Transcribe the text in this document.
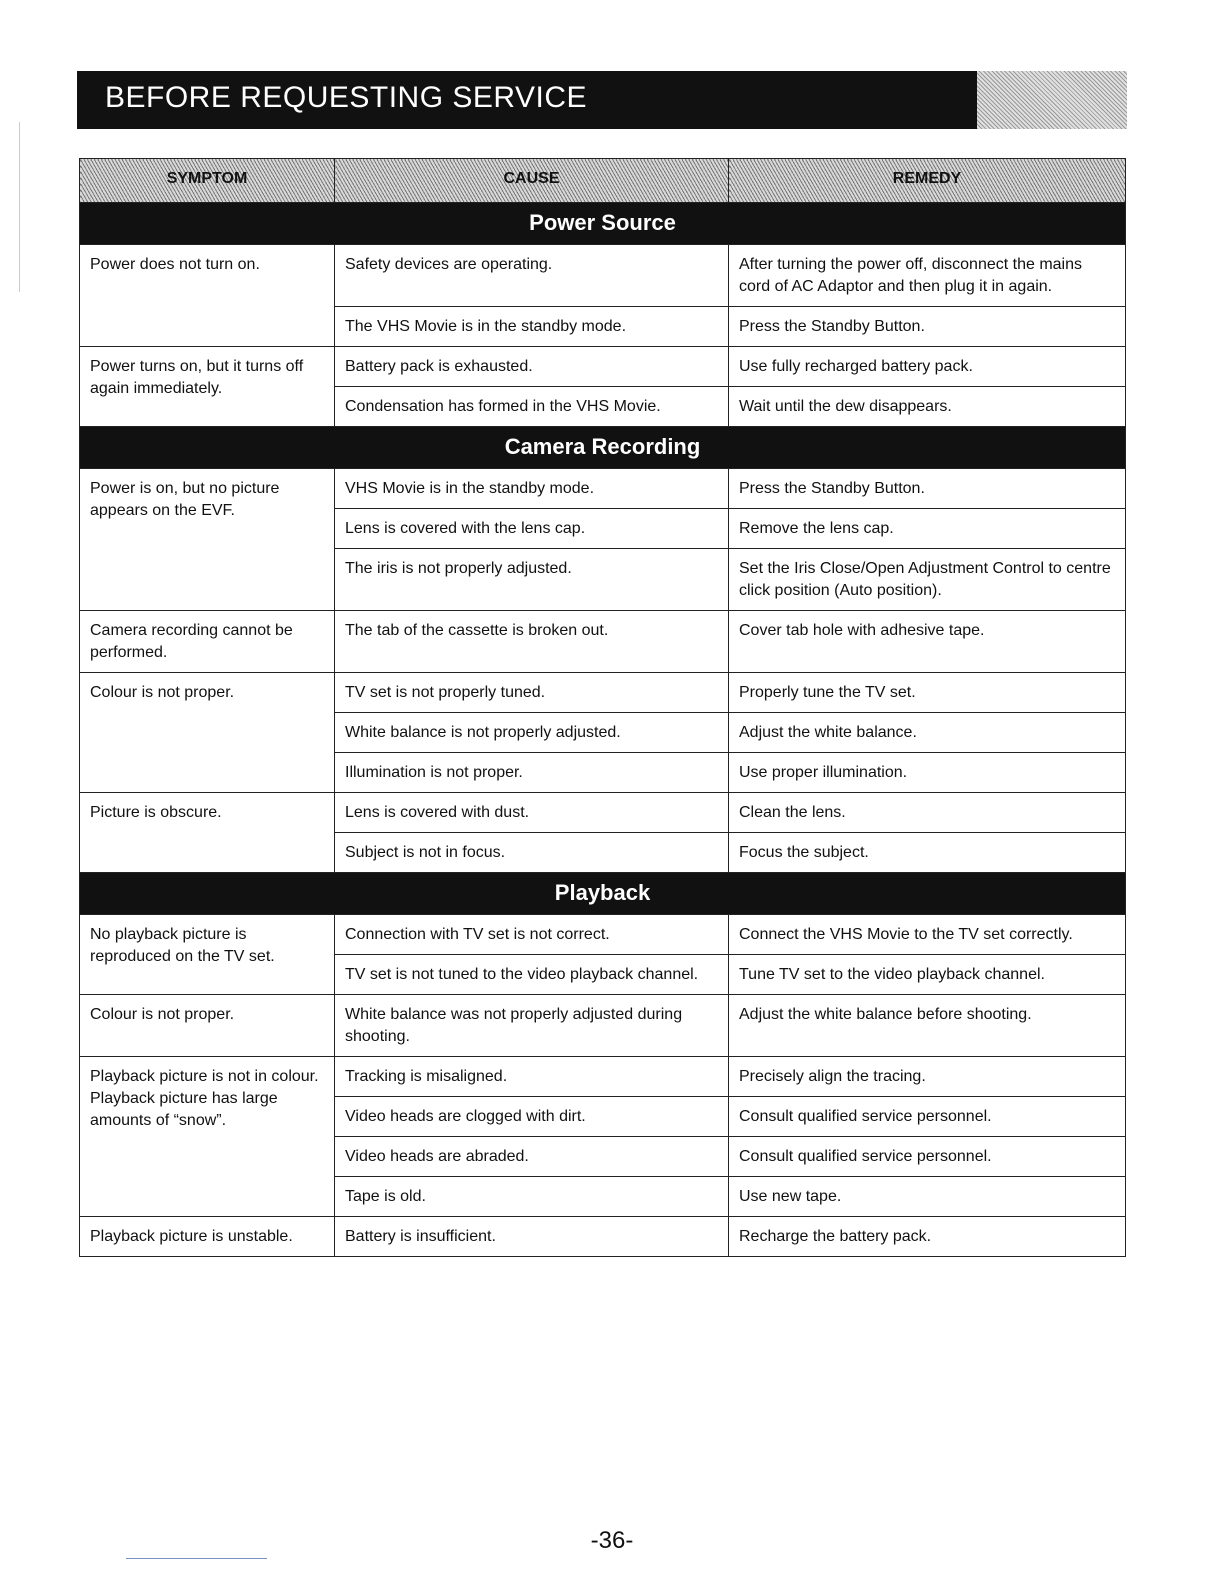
BEFORE REQUESTING SERVICE
SYMPTOM	CAUSE	REMEDY
Power Source		
Power does not turn on.	Safety devices are operating.	After turning the power off, disconnect the mains cord of AC Adaptor and then plug it in again.
	The VHS Movie is in the standby mode.	Press the Standby Button.
Power turns on, but it turns off again immediately.	Battery pack is exhausted.	Use fully recharged battery pack.
	Condensation has formed in the VHS Movie.	Wait until the dew disappears.
Camera Recording		
Power is on, but no picture appears on the EVF.	VHS Movie is in the standby mode.	Press the Standby Button.
	Lens is covered with the lens cap.	Remove the lens cap.
	The iris is not properly adjusted.	Set the Iris Close/Open Adjustment Control to centre click position (Auto position).
Camera recording cannot be performed.	The tab of the cassette is broken out.	Cover tab hole with adhesive tape.
Colour is not proper.	TV set is not properly tuned.	Properly tune the TV set.
	White balance is not properly adjusted.	Adjust the white balance.
	Illumination is not proper.	Use proper illumination.
Picture is obscure.	Lens is covered with dust.	Clean the lens.
	Subject is not in focus.	Focus the subject.
Playback		
No playback picture is reproduced on the TV set.	Connection with TV set is not correct.	Connect the VHS Movie to the TV set correctly.
	TV set is not tuned to the video playback channel.	Tune TV set to the video playback channel.
Colour is not proper.	White balance was not properly adjusted during shooting.	Adjust the white balance before shooting.
Playback picture is not in colour. Playback picture has large amounts of “snow”.	Tracking is misaligned.	Precisely align the tracing.
	Video heads are clogged with dirt.	Consult qualified service personnel.
	Video heads are abraded.	Consult qualified service personnel.
	Tape is old.	Use new tape.
Playback picture is unstable.	Battery is insufficient.	Recharge the battery pack.
-36-
